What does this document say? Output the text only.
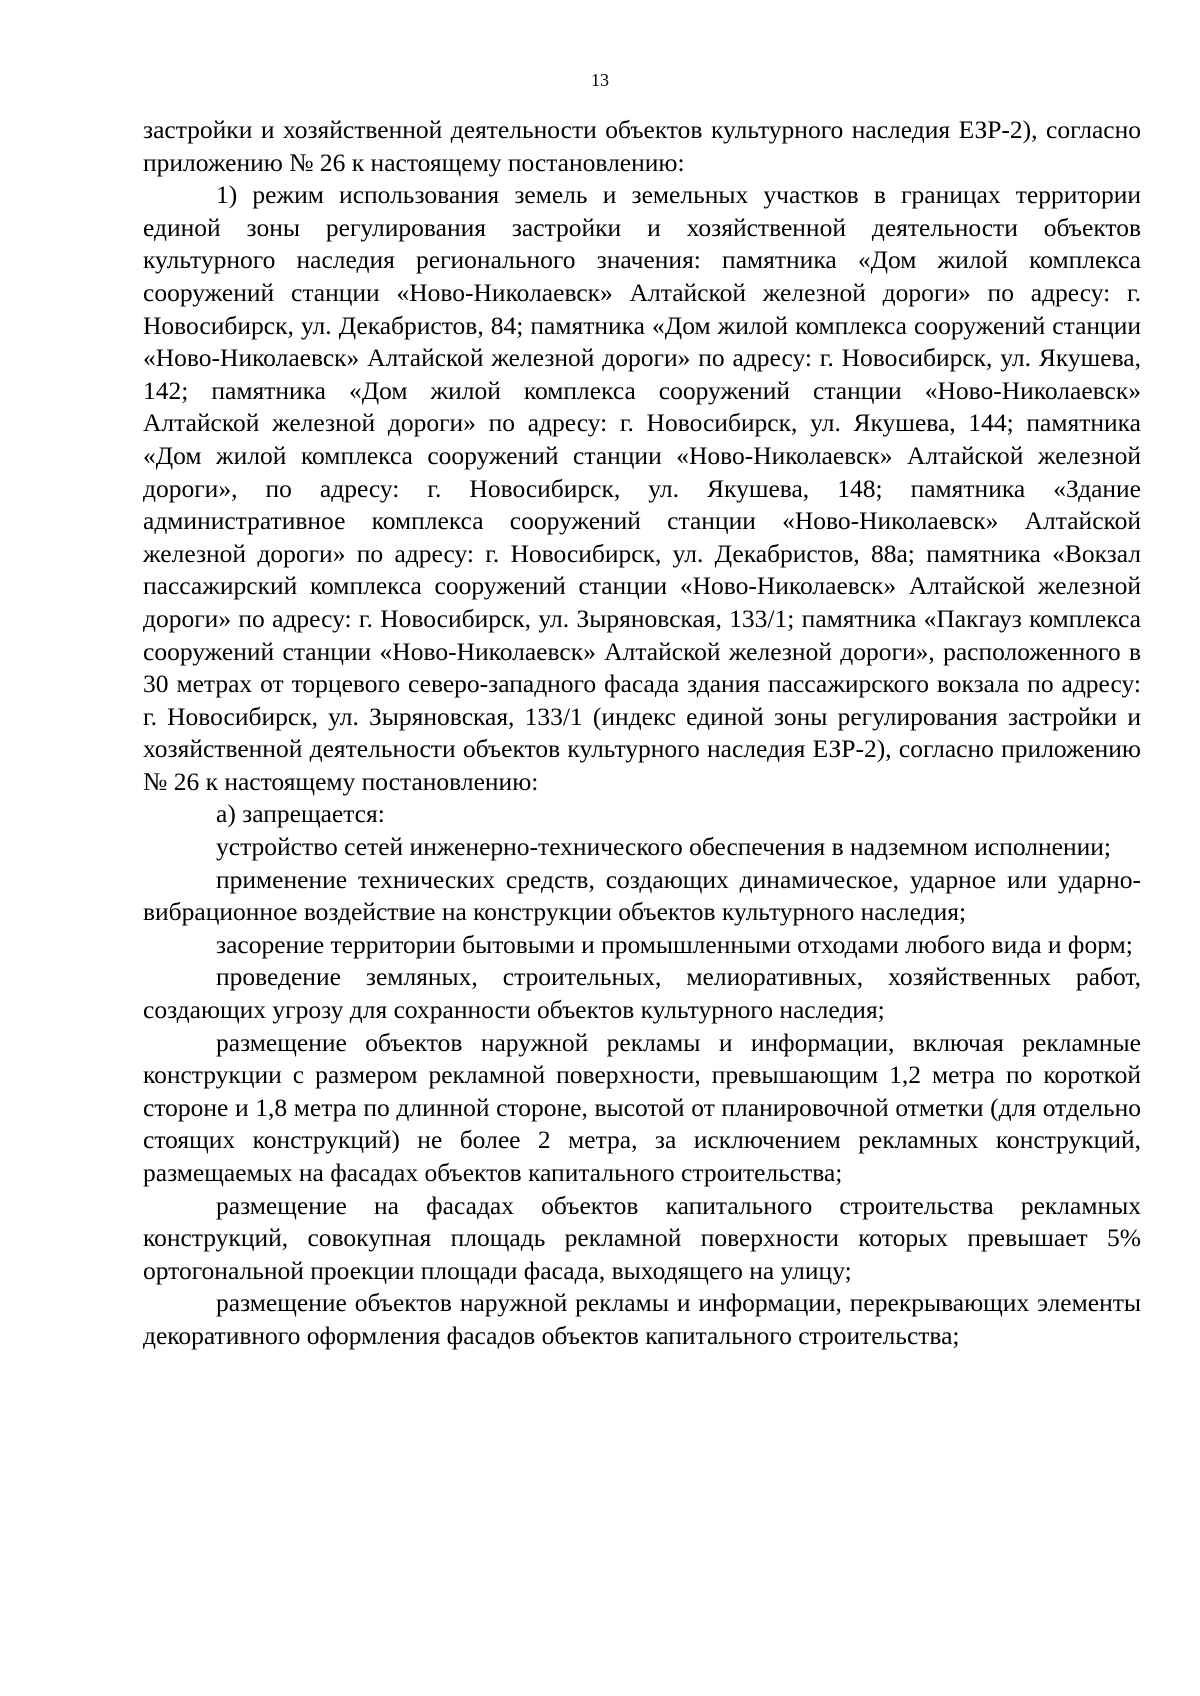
13

застройки и хозяйственной деятельности объектов культурного наследия ЕЗР-2), согласно приложению № 26 к настоящему постановлению:

1) режим использования земель и земельных участков в границах территории единой зоны регулирования застройки и хозяйственной деятельности объектов культурного наследия регионального значения: памятника «Дом жилой комплекса сооружений станции «Ново-Николаевск» Алтайской железной дороги» по адресу: г. Новосибирск, ул. Декабристов, 84; памятника «Дом жилой комплекса сооружений станции «Ново-Николаевск» Алтайской железной дороги» по адресу: г. Новосибирск, ул. Якушева, 142; памятника «Дом жилой комплекса сооружений станции «Ново-Николаевск» Алтайской железной дороги» по адресу: г. Новосибирск, ул. Якушева, 144; памятника «Дом жилой комплекса сооружений станции «Ново-Николаевск» Алтайской железной дороги», по адресу: г. Новосибирск, ул. Якушева, 148; памятника «Здание административное комплекса сооружений станции «Ново-Николаевск» Алтайской железной дороги» по адресу: г. Новосибирск, ул. Декабристов, 88а; памятника «Вокзал пассажирский комплекса сооружений станции «Ново-Николаевск» Алтайской железной дороги» по адресу: г. Новосибирск, ул. Зыряновская, 133/1; памятника «Пакгауз комплекса сооружений станции «Ново-Николаевск» Алтайской железной дороги», расположенного в 30 метрах от торцевого северо-западного фасада здания пассажирского вокзала по адресу: г. Новосибирск, ул. Зыряновская, 133/1 (индекс единой зоны регулирования застройки и хозяйственной деятельности объектов культурного наследия ЕЗР-2), согласно приложению № 26 к настоящему постановлению:

а) запрещается:

устройство сетей инженерно-технического обеспечения в надземном исполнении;

применение технических средств, создающих динамическое, ударное или ударно-вибрационное воздействие на конструкции объектов культурного наследия;

засорение территории бытовыми и промышленными отходами любого вида и форм;

проведение земляных, строительных, мелиоративных, хозяйственных работ, создающих угрозу для сохранности объектов культурного наследия;

размещение объектов наружной рекламы и информации, включая рекламные конструкции с размером рекламной поверхности, превышающим 1,2 метра по короткой стороне и 1,8 метра по длинной стороне, высотой от планировочной отметки (для отдельно стоящих конструкций) не более 2 метра, за исключением рекламных конструкций, размещаемых на фасадах объектов капитального строительства;

размещение на фасадах объектов капитального строительства рекламных конструкций, совокупная площадь рекламной поверхности которых превышает 5% ортогональной проекции площади фасада, выходящего на улицу;

размещение объектов наружной рекламы и информации, перекрывающих элементы декоративного оформления фасадов объектов капитального строительства;
